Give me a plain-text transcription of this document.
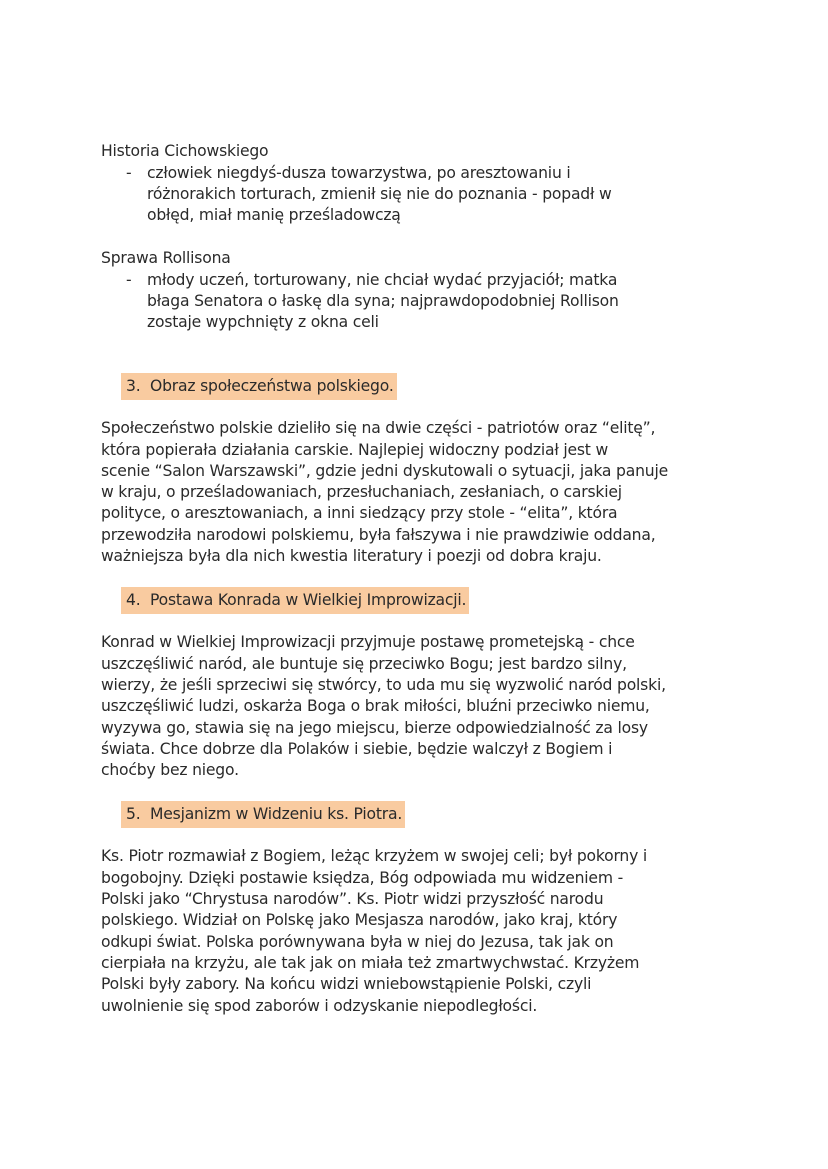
Historia Cichowskiego
- człowiek niegdyś-dusza towarzystwa, po aresztowaniu i
różnorakich torturach, zmienił się nie do poznania - popadł w
obłęd, miał manię prześladowczą
Sprawa Rollisona
- młody uczeń, torturowany, nie chciał wydać przyjaciół; matka
błaga Senatora o łaskę dla syna; najprawdopodobniej Rollison
zostaje wypchnięty z okna celi
3. Obraz społeczeństwa polskiego.
Społeczeństwo polskie dzieliło się na dwie części - patriotów oraz “elitę”,
która popierała działania carskie. Najlepiej widoczny podział jest w
scenie “Salon Warszawski”, gdzie jedni dyskutowali o sytuacji, jaka panuje
w kraju, o prześladowaniach, przesłuchaniach, zesłaniach, o carskiej
polityce, o aresztowaniach, a inni siedzący przy stole - “elita”, która
przewodziła narodowi polskiemu, była fałszywa i nie prawdziwie oddana,
ważniejsza była dla nich kwestia literatury i poezji od dobra kraju.
4. Postawa Konrada w Wielkiej Improwizacji.
Konrad w Wielkiej Improwizacji przyjmuje postawę prometejską - chce
uszczęśliwić naród, ale buntuje się przeciwko Bogu; jest bardzo silny,
wierzy, że jeśli sprzeciwi się stwórcy, to uda mu się wyzwolić naród polski,
uszczęśliwić ludzi, oskarża Boga o brak miłości, bluźni przeciwko niemu,
wyzywa go, stawia się na jego miejscu, bierze odpowiedzialność za losy
świata. Chce dobrze dla Polaków i siebie, będzie walczył z Bogiem i
choćby bez niego.
5. Mesjanizm w Widzeniu ks. Piotra.
Ks. Piotr rozmawiał z Bogiem, leżąc krzyżem w swojej celi; był pokorny i
bogobojny. Dzięki postawie księdza, Bóg odpowiada mu widzeniem -
Polski jako “Chrystusa narodów”. Ks. Piotr widzi przyszłość narodu
polskiego. Widział on Polskę jako Mesjasza narodów, jako kraj, który
odkupi świat. Polska porównywana była w niej do Jezusa, tak jak on
cierpiała na krzyżu, ale tak jak on miała też zmartwychwstać. Krzyżem
Polski były zabory. Na końcu widzi wniebowstąpienie Polski, czyli
uwolnienie się spod zaborów i odzyskanie niepodległości.
